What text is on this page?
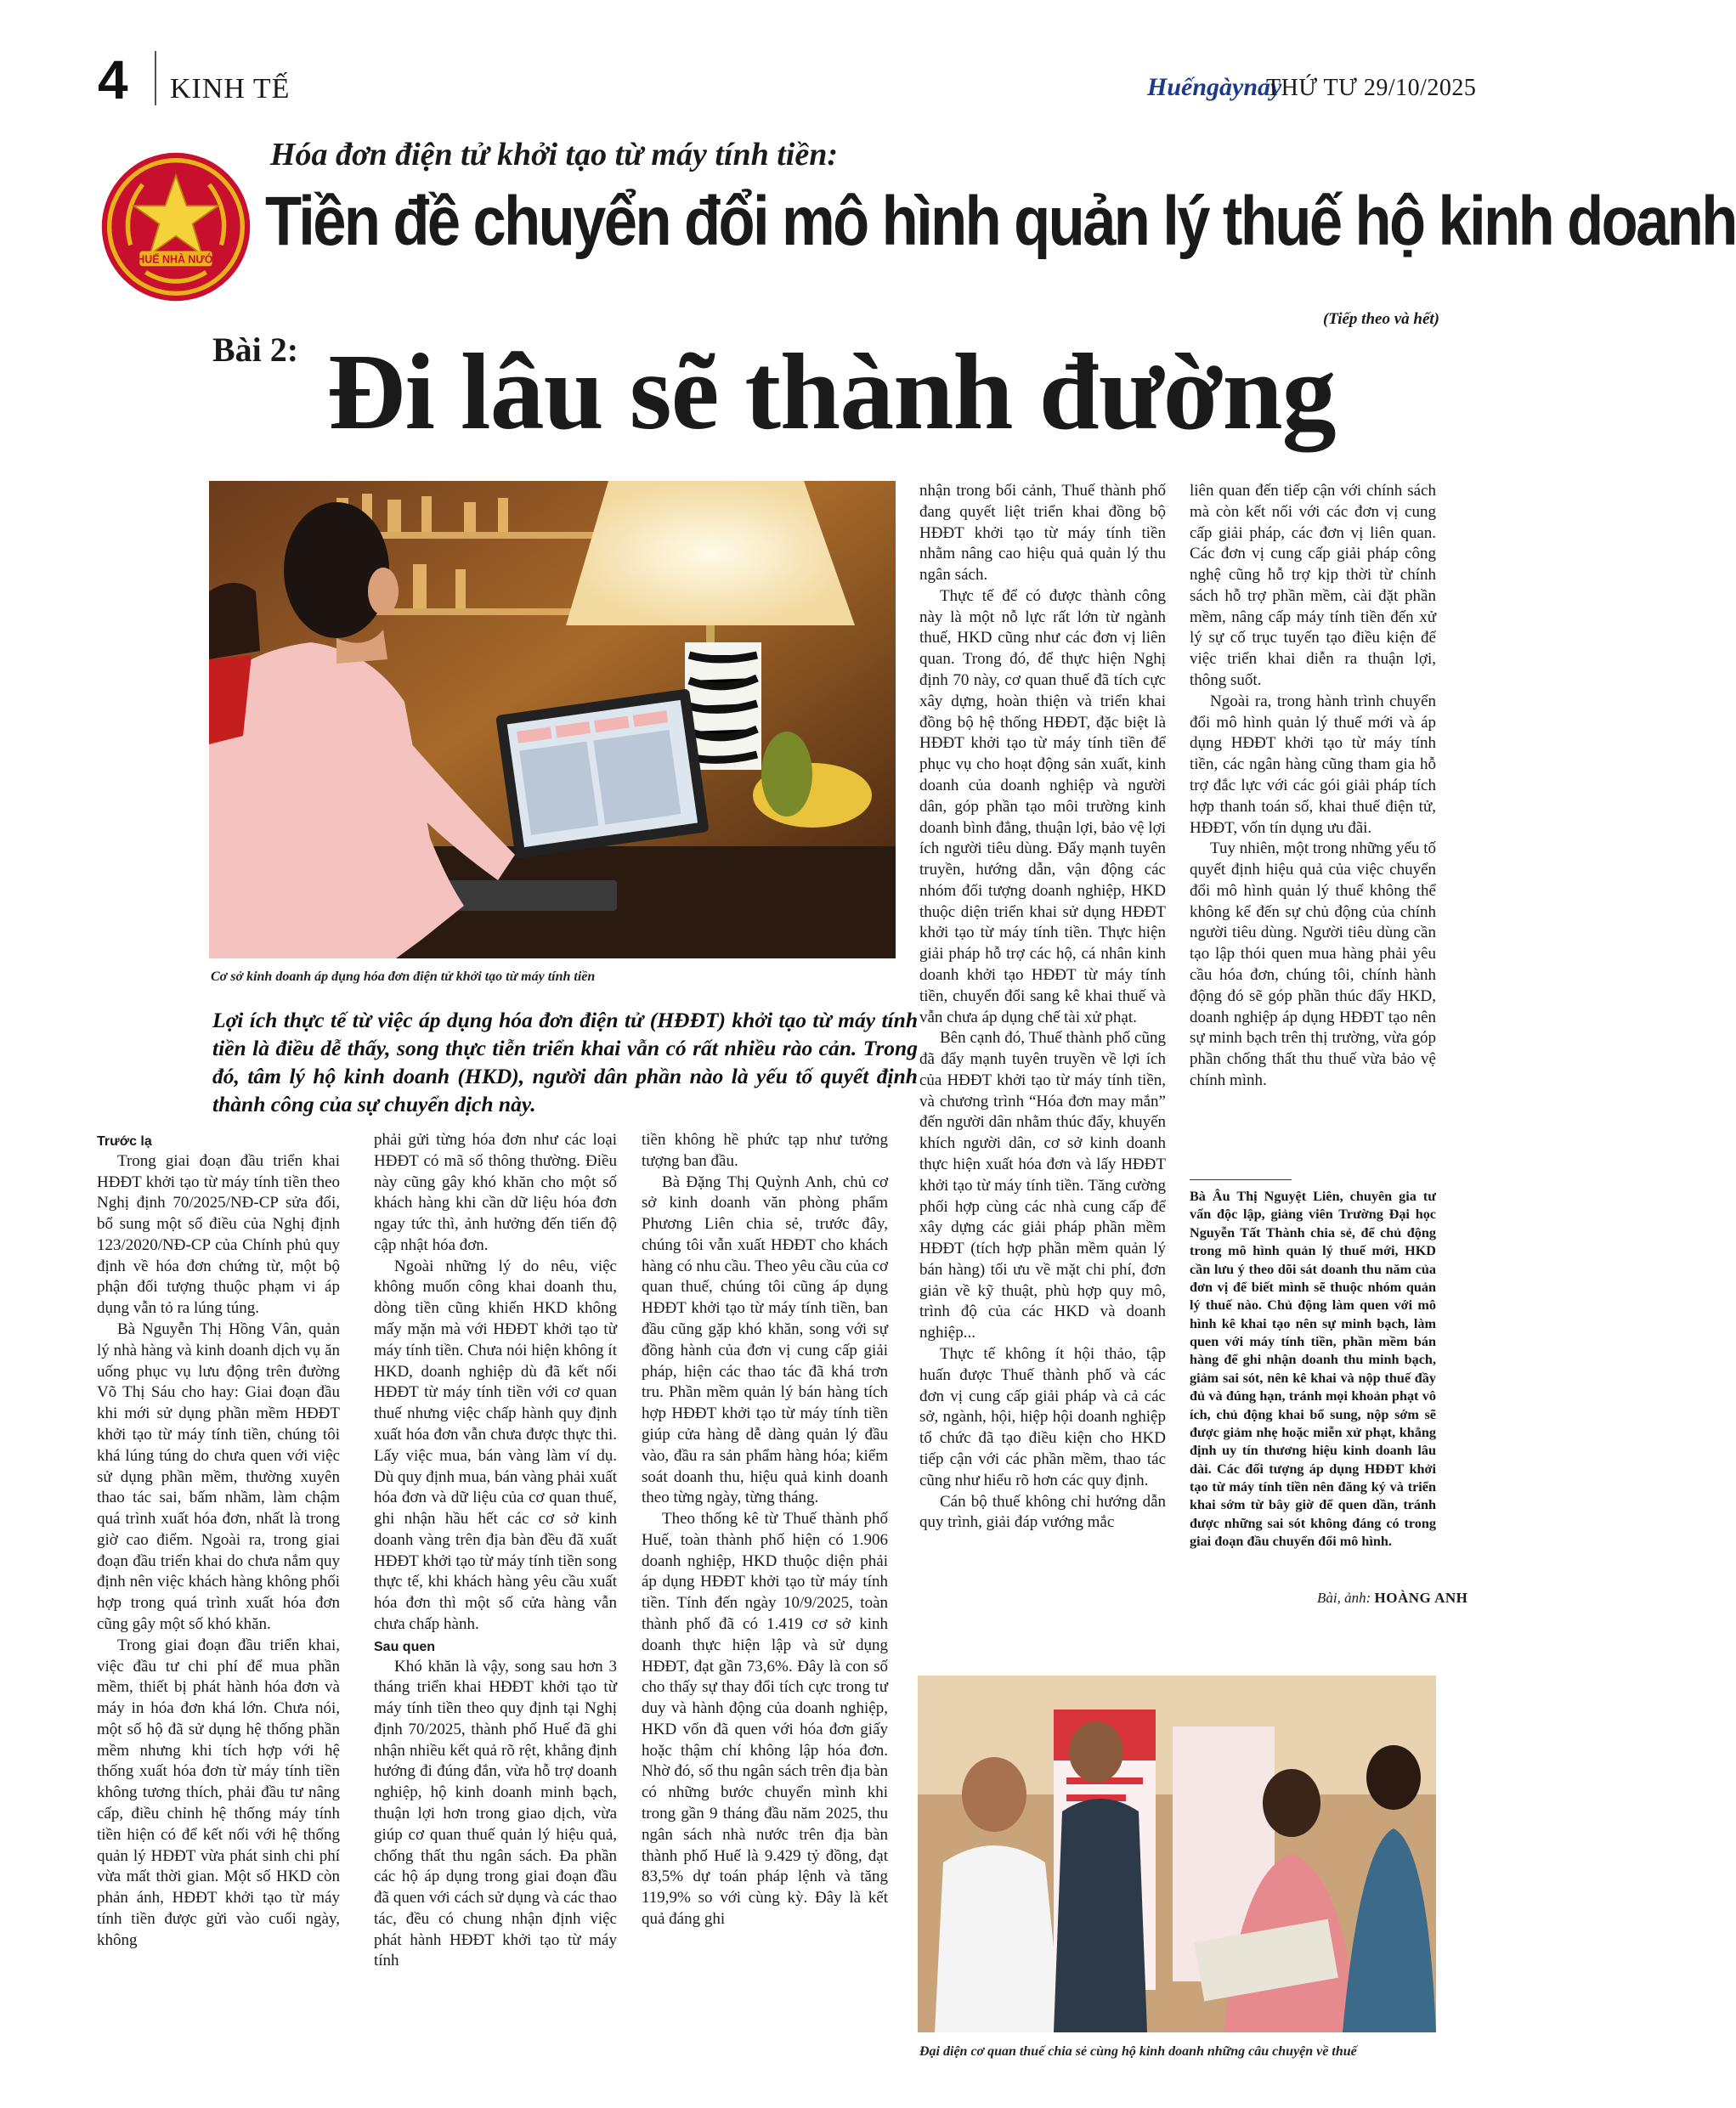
4 KINH TẾ	Huếngàynay
THỨ TƯ 29/10/2025
THUẾ NHÀ NƯỚC
Hóa đơn điện tử khởi tạo từ máy tính tiền:
Tiền đề chuyển đổi mô hình quản lý thuế hộ kinh doanh
(Tiếp theo và hết)
Bài 2: Đi lâu sẽ thành đường
Cơ sở kinh doanh áp dụng hóa đơn điện tử khởi tạo từ máy tính tiền
Lợi ích thực tế từ việc áp dụng hóa đơn điện tử (HĐĐT) khởi tạo từ máy tính tiền là điều dễ thấy, song thực tiễn triển khai vẫn có rất nhiều rào cản. Trong đó, tâm lý hộ kinh doanh (HKD), người dân phần nào là yếu tố quyết định thành công của sự chuyển dịch này.

Trước lạ

Trong giai đoạn đầu triển khai HĐĐT khởi tạo từ máy tính tiền theo Nghị định 70/2025/NĐ-CP sửa đổi, bổ sung một số điều của Nghị định 123/2020/NĐ-CP của Chính phủ quy định về hóa đơn chứng từ, một bộ phận đối tượng thuộc phạm vi áp dụng vẫn tỏ ra lúng túng.

Bà Nguyễn Thị Hồng Vân, quản lý nhà hàng và kinh doanh dịch vụ ăn uống phục vụ lưu động trên đường Võ Thị Sáu cho hay: Giai đoạn đầu khi mới sử dụng phần mềm HĐĐT khởi tạo từ máy tính tiền, chúng tôi khá lúng túng do chưa quen với việc sử dụng phần mềm, thường xuyên thao tác sai, bấm nhầm, làm chậm quá trình xuất hóa đơn, nhất là trong giờ cao điểm. Ngoài ra, trong giai đoạn đầu triển khai do chưa nắm quy định nên việc khách hàng không phối hợp trong quá trình xuất hóa đơn cũng gây một số khó khăn.

Trong giai đoạn đầu triển khai, việc đầu tư chi phí để mua phần mềm, thiết bị phát hành hóa đơn và máy in hóa đơn khá lớn. Chưa nói, một số hộ đã sử dụng hệ thống phần mềm nhưng khi tích hợp với hệ thống xuất hóa đơn từ máy tính tiền không tương thích, phải đầu tư nâng cấp, điều chỉnh hệ thống máy tính tiền hiện có để kết nối với hệ thống quản lý HĐĐT vừa phát sinh chi phí vừa mất thời gian. Một số HKD còn phản ánh, HĐĐT khởi tạo từ máy tính tiền được gửi vào cuối ngày, không

phải gửi từng hóa đơn như các loại HĐĐT có mã số thông thường. Điều này cũng gây khó khăn cho một số khách hàng khi cần dữ liệu hóa đơn ngay tức thì, ảnh hưởng đến tiến độ cập nhật hóa đơn.

Ngoài những lý do nêu, việc không muốn công khai doanh thu, dòng tiền cũng khiến HKD không mấy mặn mà với HĐĐT khởi tạo từ máy tính tiền. Chưa nói hiện không ít HKD, doanh nghiệp dù đã kết nối HĐĐT từ máy tính tiền với cơ quan thuế nhưng việc chấp hành quy định xuất hóa đơn vẫn chưa được thực thi. Lấy việc mua, bán vàng làm ví dụ. Dù quy định mua, bán vàng phải xuất hóa đơn và dữ liệu của cơ quan thuế, ghi nhận hầu hết các cơ sở kinh doanh vàng trên địa bàn đều đã xuất HĐĐT khởi tạo từ máy tính tiền song thực tế, khi khách hàng yêu cầu xuất hóa đơn thì một số cửa hàng vẫn chưa chấp hành.

Sau quen

Khó khăn là vậy, song sau hơn 3 tháng triển khai HĐĐT khởi tạo từ máy tính tiền theo quy định tại Nghị định 70/2025, thành phố Huế đã ghi nhận nhiều kết quả rõ rệt, khẳng định hướng đi đúng đắn, vừa hỗ trợ doanh nghiệp, hộ kinh doanh minh bạch, thuận lợi hơn trong giao dịch, vừa giúp cơ quan thuế quản lý hiệu quả, chống thất thu ngân sách. Đa phần các hộ áp dụng trong giai đoạn đầu đã quen với cách sử dụng và các thao tác, đều có chung nhận định việc phát hành HĐĐT khởi tạo từ máy tính

tiền không hề phức tạp như tưởng tượng ban đầu.

Bà Đặng Thị Quỳnh Anh, chủ cơ sở kinh doanh văn phòng phẩm Phương Liên chia sẻ, trước đây, chúng tôi vẫn xuất HĐĐT cho khách hàng có nhu cầu. Theo yêu cầu của cơ quan thuế, chúng tôi cũng áp dụng HĐĐT khởi tạo từ máy tính tiền, ban đầu cũng gặp khó khăn, song với sự đồng hành của đơn vị cung cấp giải pháp, hiện các thao tác đã khá trơn tru. Phần mềm quản lý bán hàng tích hợp HĐĐT khởi tạo từ máy tính tiền giúp cửa hàng dễ dàng quản lý đầu vào, đầu ra sản phẩm hàng hóa; kiểm soát doanh thu, hiệu quả kinh doanh theo từng ngày, từng tháng.

Theo thống kê từ Thuế thành phố Huế, toàn thành phố hiện có 1.906 doanh nghiệp, HKD thuộc diện phải áp dụng HĐĐT khởi tạo từ máy tính tiền. Tính đến ngày 10/9/2025, toàn thành phố đã có 1.419 cơ sở kinh doanh thực hiện lập và sử dụng HĐĐT, đạt gần 73,6%. Đây là con số cho thấy sự thay đổi tích cực trong tư duy và hành động của doanh nghiệp, HKD vốn đã quen với hóa đơn giấy hoặc thậm chí không lập hóa đơn. Nhờ đó, số thu ngân sách trên địa bàn có những bước chuyển mình khi trong gần 9 tháng đầu năm 2025, thu ngân sách nhà nước trên địa bàn thành phố Huế là 9.429 tỷ đồng, đạt 83,5% dự toán pháp lệnh và tăng 119,9% so với cùng kỳ. Đây là kết quả đáng ghi

nhận trong bối cảnh, Thuế thành phố đang quyết liệt triển khai đồng bộ HĐĐT khởi tạo từ máy tính tiền nhằm nâng cao hiệu quả quản lý thu ngân sách.

Thực tế để có được thành công này là một nỗ lực rất lớn từ ngành thuế, HKD cũng như các đơn vị liên quan. Trong đó, để thực hiện Nghị định 70 này, cơ quan thuế đã tích cực xây dựng, hoàn thiện và triển khai đồng bộ hệ thống HĐĐT, đặc biệt là HĐĐT khởi tạo từ máy tính tiền để phục vụ cho hoạt động sản xuất, kinh doanh của doanh nghiệp và người dân, góp phần tạo môi trường kinh doanh bình đẳng, thuận lợi, bảo vệ lợi ích người tiêu dùng. Đẩy mạnh tuyên truyền, hướng dẫn, vận động các nhóm đối tượng doanh nghiệp, HKD thuộc diện triển khai sử dụng HĐĐT khởi tạo từ máy tính tiền. Thực hiện giải pháp hỗ trợ các hộ, cá nhân kinh doanh khởi tạo HĐĐT từ máy tính tiền, chuyển đổi sang kê khai thuế và vẫn chưa áp dụng chế tài xử phạt.

Bên cạnh đó, Thuế thành phố cũng đã đẩy mạnh tuyên truyền về lợi ích của HĐĐT khởi tạo từ máy tính tiền, và chương trình “Hóa đơn may mắn” đến người dân nhằm thúc đẩy, khuyến khích người dân, cơ sở kinh doanh thực hiện xuất hóa đơn và lấy HĐĐT khởi tạo từ máy tính tiền. Tăng cường phối hợp cùng các nhà cung cấp để xây dựng các giải pháp phần mềm HĐĐT (tích hợp phần mềm quản lý bán hàng) tối ưu về mặt chi phí, đơn giản về kỹ thuật, phù hợp quy mô, trình độ của các HKD và doanh nghiệp...

Thực tế không ít hội thảo, tập huấn được Thuế thành phố và các đơn vị cung cấp giải pháp và cả các sở, ngành, hội, hiệp hội doanh nghiệp tổ chức đã tạo điều kiện cho HKD tiếp cận với các phần mềm, thao tác cũng như hiểu rõ hơn các quy định.

Cán bộ thuế không chỉ hướng dẫn quy trình, giải đáp vướng mắc

liên quan đến tiếp cận với chính sách mà còn kết nối với các đơn vị cung cấp giải pháp, các đơn vị liên quan. Các đơn vị cung cấp giải pháp công nghệ cũng hỗ trợ kịp thời từ chính sách hỗ trợ phần mềm, cài đặt phần mềm, nâng cấp máy tính tiền đến xử lý sự cố trục tuyến tạo điều kiện để việc triển khai diễn ra thuận lợi, thông suốt.

Ngoài ra, trong hành trình chuyển đổi mô hình quản lý thuế mới và áp dụng HĐĐT khởi tạo từ máy tính tiền, các ngân hàng cũng tham gia hỗ trợ đắc lực với các gói giải pháp tích hợp thanh toán số, khai thuế điện tử, HĐĐT, vốn tín dụng ưu đãi.

Tuy nhiên, một trong những yếu tố quyết định hiệu quả của việc chuyển đổi mô hình quản lý thuế không thể không kể đến sự chủ động của chính người tiêu dùng. Người tiêu dùng cần tạo lập thói quen mua hàng phải yêu cầu hóa đơn, chúng tôi, chính hành động đó sẽ góp phần thúc đẩy HKD, doanh nghiệp áp dụng HĐĐT tạo nên sự minh bạch trên thị trường, vừa góp phần chống thất thu thuế vừa bảo vệ chính mình.

Bà Âu Thị Nguyệt Liên, chuyên gia tư vấn độc lập, giảng viên Trường Đại học Nguyễn Tất Thành chia sẻ, để chủ động trong mô hình quản lý thuế mới, HKD cần lưu ý theo dõi sát doanh thu năm của đơn vị để biết mình sẽ thuộc nhóm quản lý thuế nào. Chủ động làm quen với mô hình kê khai tạo nên sự minh bạch, làm quen với máy tính tiền, phần mềm bán hàng để ghi nhận doanh thu minh bạch, giảm sai sót, nên kê khai và nộp thuế đầy đủ và đúng hạn, tránh mọi khoản phạt vô ích, chủ động khai bổ sung, nộp sớm sẽ được giảm nhẹ hoặc miễn xử phạt, khẳng định uy tín thương hiệu kinh doanh lâu dài. Các đối tượng áp dụng HĐĐT khởi tạo từ máy tính tiền nên đăng ký và triển khai sớm từ bây giờ để quen dần, tránh được những sai sót không đáng có trong giai đoạn đầu chuyển đổi mô hình.
Bài, ảnh: HOÀNG ANH
Đại diện cơ quan thuế chia sẻ cùng hộ kinh doanh những câu chuyện về thuế
